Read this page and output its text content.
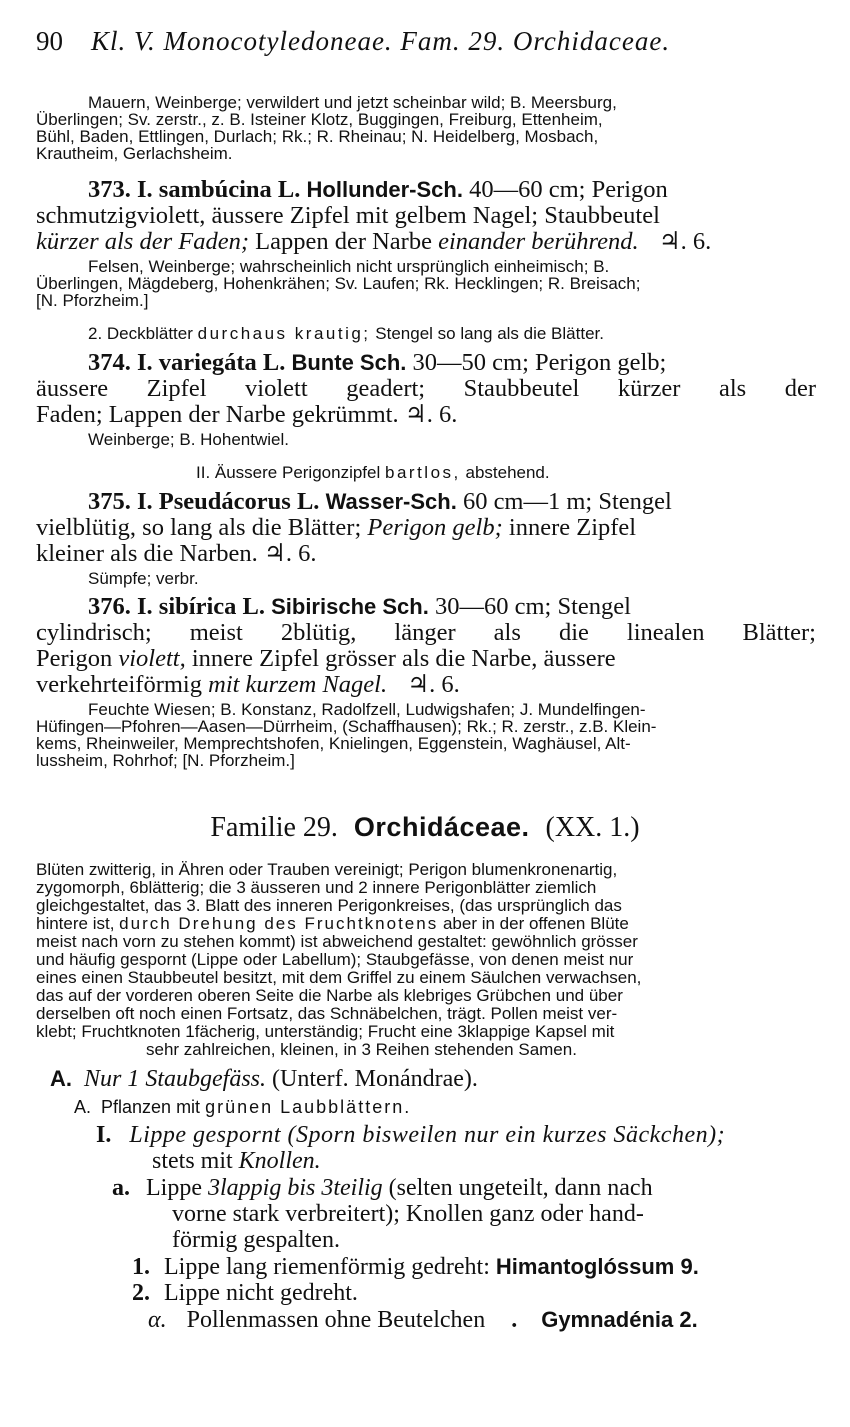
90 Kl. V. Monocotyledoneae. Fam. 29. Orchidaceae.
Mauern, Weinberge; verwildert und jetzt scheinbar wild; B. Meersburg,
Überlingen; Sv. zerstr., z. B. Isteiner Klotz, Buggingen, Freiburg, Ettenheim,
Bühl, Baden, Ettlingen, Durlach; Rk.; R. Rheinau; N. Heidelberg, Mosbach,
Krautheim, Gerlachsheim.
373. I. sambúcina L. Hollunder-Sch. 40—60 cm; Perigon
schmutzigviolett, äussere Zipfel mit gelbem Nagel; Staubbeutel
kürzer als der Faden; Lappen der Narbe einander berührend. ♃. 6.
Felsen, Weinberge; wahrscheinlich nicht ursprünglich einheimisch; B.
Überlingen, Mägdeberg, Hohenkrähen; Sv. Laufen; Rk. Hecklingen; R. Breisach;
[N. Pforzheim.]
2. Deckblätter durchaus krautig; Stengel so lang als die Blätter.
374. I. variegáta L. Bunte Sch. 30—50 cm; Perigon gelb;
äussere Zipfel violett geadert; Staubbeutel kürzer als der
Faden; Lappen der Narbe gekrümmt. ♃. 6.
Weinberge; B. Hohentwiel.
II. Äussere Perigonzipfel bartlos, abstehend.
375. I. Pseudácorus L. Wasser-Sch. 60 cm—1 m; Stengel
vielblütig, so lang als die Blätter; Perigon gelb; innere Zipfel
kleiner als die Narben. ♃. 6.
Sümpfe; verbr.
376. I. sibírica L. Sibirische Sch. 30—60 cm; Stengel
cylindrisch; meist 2blütig, länger als die linealen Blätter;
Perigon violett, innere Zipfel grösser als die Narbe, äussere
verkehrteiförmig mit kurzem Nagel. ♃. 6.
Feuchte Wiesen; B. Konstanz, Radolfzell, Ludwigshafen; J. Mundelfingen-
Hüfingen—Pfohren—Aasen—Dürrheim, (Schaffhausen); Rk.; R. zerstr., z.B. Klein-
kems, Rheinweiler, Memprechtshofen, Knielingen, Eggenstein, Waghäusel, Alt-
lussheim, Rohrhof; [N. Pforzheim.]
Familie 29. Orchidáceae. (XX. 1.)
Blüten zwitterig, in Ähren oder Trauben vereinigt; Perigon blumenkronenartig,
zygomorph, 6blätterig; die 3 äusseren und 2 innere Perigonblätter ziemlich
gleichgestaltet, das 3. Blatt des inneren Perigonkreises, (das ursprünglich das
hintere ist, durch Drehung des Fruchtknotens aber in der offenen Blüte
meist nach vorn zu stehen kommt) ist abweichend gestaltet: gewöhnlich grösser
und häufig gespornt (Lippe oder Labellum); Staubgefässe, von denen meist nur
eines einen Staubbeutel besitzt, mit dem Griffel zu einem Säulchen verwachsen,
das auf der vorderen oberen Seite die Narbe als klebriges Grübchen und über
derselben oft noch einen Fortsatz, das Schnäbelchen, trägt. Pollen meist ver-
klebt; Fruchtknoten 1fächerig, unterständig; Frucht eine 3klappige Kapsel mit
sehr zahlreichen, kleinen, in 3 Reihen stehenden Samen.
A. Nur 1 Staubgefäss. (Unterf. Monándrae).
A. Pflanzen mit grünen Laubblättern.
I. Lippe gespornt (Sporn bisweilen nur ein kurzes Säckchen);
stets mit Knollen.
a. Lippe 3lappig bis 3teilig (selten ungeteilt, dann nach
vorne stark verbreitert); Knollen ganz oder hand-
förmig gespalten.
1. Lippe lang riemenförmig gedreht: Himantoglóssum 9.
2. Lippe nicht gedreht.
α. Pollenmassen ohne Beutelchen . Gymnadénia 2.
